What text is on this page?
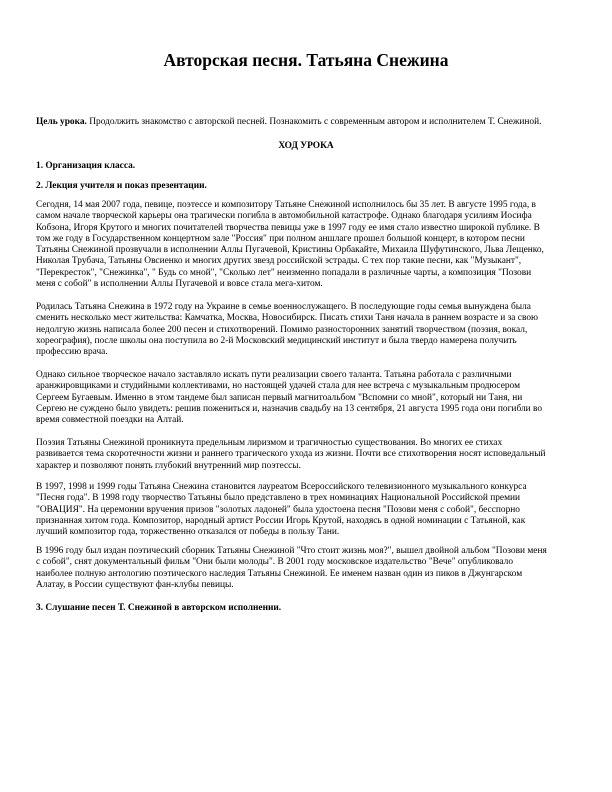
Авторская песня. Татьяна Снежина

Цель урока. Продолжить знакомство с авторской песней. Познакомить с современным автором и исполнителем Т. Снежиной.

ХОД УРОКА

1. Организация класса.

2. Лекция учителя и показ презентации.

Сегодня, 14 мая 2007 года, певице, поэтессе и композитору Татьяне Снежиной исполнилось бы 35 лет. В августе 1995 года, в
самом начале творческой карьеры она трагически погибла в автомобильной катастрофе. Однако благодаря усилиям Иосифа
Кобзона, Игоря Крутого и многих почитателей творчества певицы уже в 1997 году ее имя стало известно широкой публике. В
том же году в Государственном концертном зале "Россия" при полном аншлаге прошел большой концерт, в котором песни
Татьяны Снежиной прозвучали в исполнении Аллы Пугачевой, Кристины Орбакайте, Михаила Шуфутинского, Льва Лещенко,
Николая Трубача, Татьяны Овсиенко и многих других звезд российской эстрады. С тех пор такие песни, как "Музыкант",
"Перекресток", "Снежинка", " Будь со мной", "Сколько лет" неизменно попадали в различные чарты, а композиция "Позови
меня с собой" в исполнении Аллы Пугачевой и вовсе стала мега-хитом.

Родилась Татьяна Снежина в 1972 году на Украине в семье военнослужащего. В последующие годы семья вынуждена была
сменить несколько мест жительства: Камчатка, Москва, Новосибирск. Писать стихи Таня начала в раннем возрасте и за свою
недолгую жизнь написала более 200 песен и стихотворений. Помимо разносторонних занятий творчеством (поэзия, вокал,
хореография), после школы она поступила во 2-й Московский медицинский институт и была твердо намерена получить
профессию врача.

Однако сильное творческое начало заставляло искать пути реализации своего таланта. Татьяна работала с различными
аранжировщиками и студийными коллективами, но настоящей удачей стала для нее встреча с музыкальным продюсером
Сергеем Бугаевым. Именно в этом тандеме был записан первый магнитоальбом "Вспомни со мной", который ни Таня, ни
Сергею не суждено было увидеть: решив пожениться и, назначив свадьбу на 13 сентября, 21 августа 1995 года они погибли во
время совместной поездки на Алтай.

Поэзия Татьяны Снежиной проникнута предельным лиризмом и трагичностью существования. Во многих ее стихах
развивается тема скоротечности жизни и раннего трагического ухода из жизни. Почти все стихотворения носят исповедальный
характер и позволяют понять глубокий внутренний мир поэтессы.

В 1997, 1998 и 1999 годы Татьяна Снежина становится лауреатом Всероссийского телевизионного музыкального конкурса
"Песня года". В 1998 году творчество Татьяны было представлено в трех номинациях Национальной Российской премии
"ОВАЦИЯ". На церемонии вручения призов "золотых ладоней" была удостоена песня "Позови меня с собой", бесспорно
признанная хитом года. Композитор, народный артист России Игорь Крутой, находясь в одной номинации с Татьяной, как
лучший композитор года, торжественно отказался от победы в пользу Тани.

В 1996 году был издан поэтический сборник Татьяны Снежиной "Что стоит жизнь моя?", вышел двойной альбом "Позови меня
с собой", снят документальный фильм "Они были молоды". В 2001 году московское издательство "Вече" опубликовало
наиболее полную антологию поэтического наследия Татьяны Снежиной. Ее именем назван один из пиков в Джунгарском
Алатау, в России существуют фан-клубы певицы.

3. Слушание песен Т. Снежиной в авторском исполнении.
